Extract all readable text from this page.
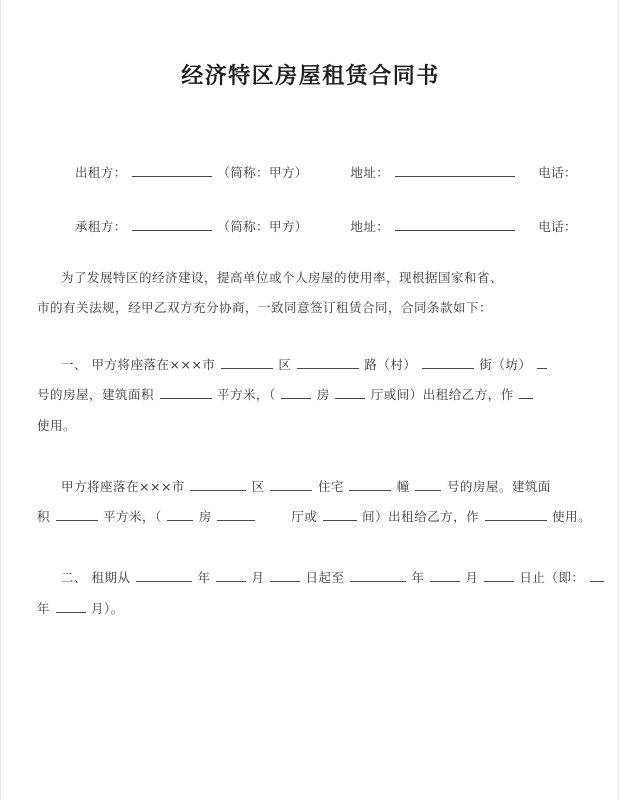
经济特区房屋租赁合同书
出租方：	（简称：甲方）	地址：	电话：
承租方：	（简称：甲方）	地址：	电话：

为了发展特区的经济建设，提高单位或个人房屋的使用率，现根据国家和省、

市的有关法规，经甲乙双方充分协商，一致同意签订租赁合同，合同条款如下：

一、 甲方将座落在×××市	区	路（村）	街（坊）

号的房屋，建筑面积	平方米，（	房	厅或间）出租给乙方，作

使用。

甲方将座落在×××市	区	住宅	幢	号的房屋。建筑面

积	平方米，（	房	厅或	间）出租给乙方，作	使用。

二、 租期从	年	月	日起至	年	月	日止（即：

年	月）。
